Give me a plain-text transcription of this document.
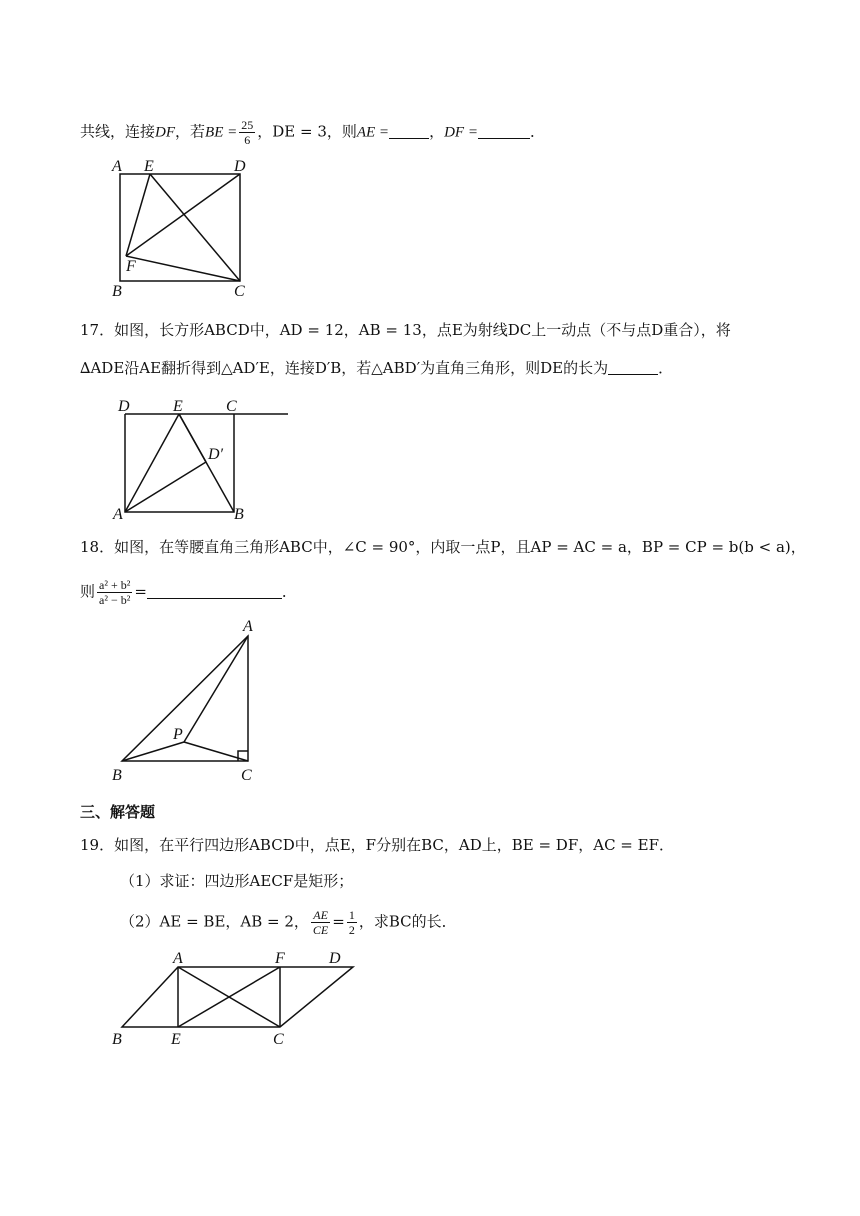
共线，连接DF，若BE = $\frac{25}{6}$ ，DE = 3，则AE =	，DF =	．
A E	D
F
B	C
17．如图，长方形ABCD中，AD = 12，AB = 13，点E为射线DC上一动点（不与点D重合），将
∆ADE沿AE翻折得到△AD′E，连接D′B，若△ABD′为直角三角形，则DE的长为	．
D	E	C
D′
A	B
18．如图，在等腰直角三角形ABC中，∠C = 90°，内取一点P，且AP = AC = a，BP = CP = b(b < a)，
则 $\frac{\text{a² + b²}}{\text{a² − b²}}$ =	．
A
P
B	C
三、解答题
19．如图，在平行四边形ABCD中，点E，F分别在BC，AD上，BE = DF，AC = EF．
（1）求证：四边形AECF是矩形；
（2）AE = BE，AB = 2， $\frac{AE}{CE} = \frac{1}{2}$ ，求BC的长．
A	F	D
B	E	C
